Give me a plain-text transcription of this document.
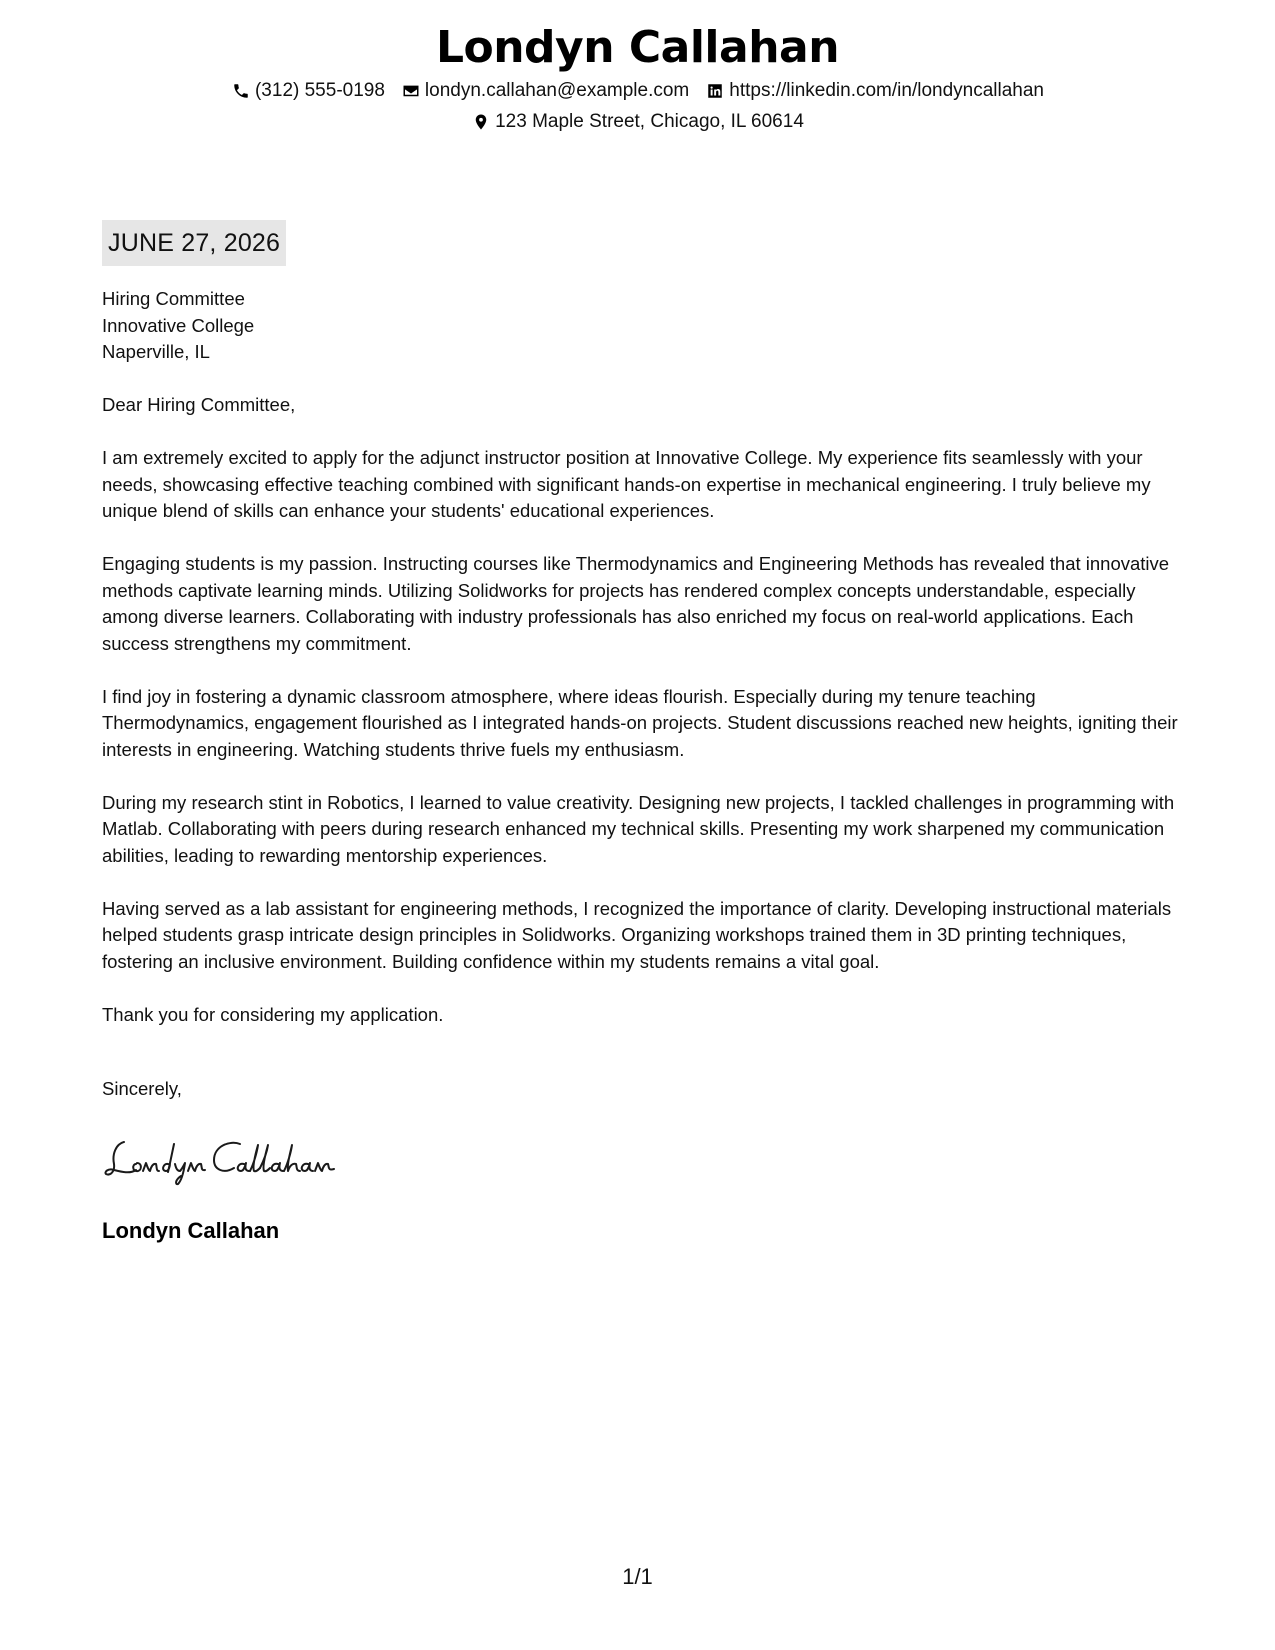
Londyn Callahan
(312) 555-0198 londyn.callahan@example.com https://linkedin.com/in/londyncallahan
123 Maple Street, Chicago, IL 60614
JUNE 27, 2026
Hiring Committee
Innovative College
Naperville, IL

Dear Hiring Committee,

I am extremely excited to apply for the adjunct instructor position at Innovative College. My experience fits seamlessly with your needs, showcasing effective teaching combined with significant hands-on expertise in mechanical engineering. I truly believe my unique blend of skills can enhance your students' educational experiences.

Engaging students is my passion. Instructing courses like Thermodynamics and Engineering Methods has revealed that innovative methods captivate learning minds. Utilizing Solidworks for projects has rendered complex concepts understandable, especially among diverse learners. Collaborating with industry professionals has also enriched my focus on real-world applications. Each success strengthens my commitment.

I find joy in fostering a dynamic classroom atmosphere, where ideas flourish. Especially during my tenure teaching Thermodynamics, engagement flourished as I integrated hands-on projects. Student discussions reached new heights, igniting their interests in engineering. Watching students thrive fuels my enthusiasm.

During my research stint in Robotics, I learned to value creativity. Designing new projects, I tackled challenges in programming with Matlab. Collaborating with peers during research enhanced my technical skills. Presenting my work sharpened my communication abilities, leading to rewarding mentorship experiences.

Having served as a lab assistant for engineering methods, I recognized the importance of clarity. Developing instructional materials helped students grasp intricate design principles in Solidworks. Organizing workshops trained them in 3D printing techniques, fostering an inclusive environment. Building confidence within my students remains a vital goal.

Thank you for considering my application.

Sincerely,
Londyn Callahan
1/1
